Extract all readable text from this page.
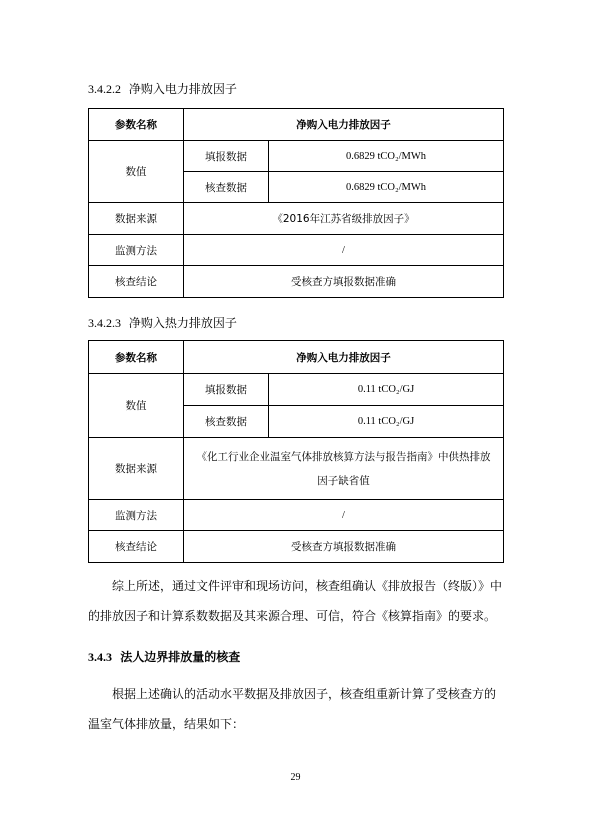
3.4.2.2 净购入电力排放因子
参数名称	净购入电力排放因子	
数值	填报数据	0.6829 tCO₂/MWh
	核查数据	0.6829 tCO₂/MWh
数据来源	《2016年江苏省级排放因子》	
监测方法	/	
核查结论	受核查方填报数据准确	
3.4.2.3 净购入热力排放因子
参数名称	净购入电力排放因子	
数值	填报数据	0.11 tCO₂/GJ
	核查数据	0.11 tCO₂/GJ
数据来源	《化工行业企业温室气体排放核算方法与报告指南》中供热排放因子缺省值	
监测方法	/	
核查结论	受核查方填报数据准确	
综上所述，通过文件评审和现场访问，核查组确认《排放报告（终版）》中的排放因子和计算系数数据及其来源合理、可信，符合《核算指南》的要求。
3.4.3 法人边界排放量的核查
根据上述确认的活动水平数据及排放因子，核查组重新计算了受核查方的温室气体排放量，结果如下：
29
